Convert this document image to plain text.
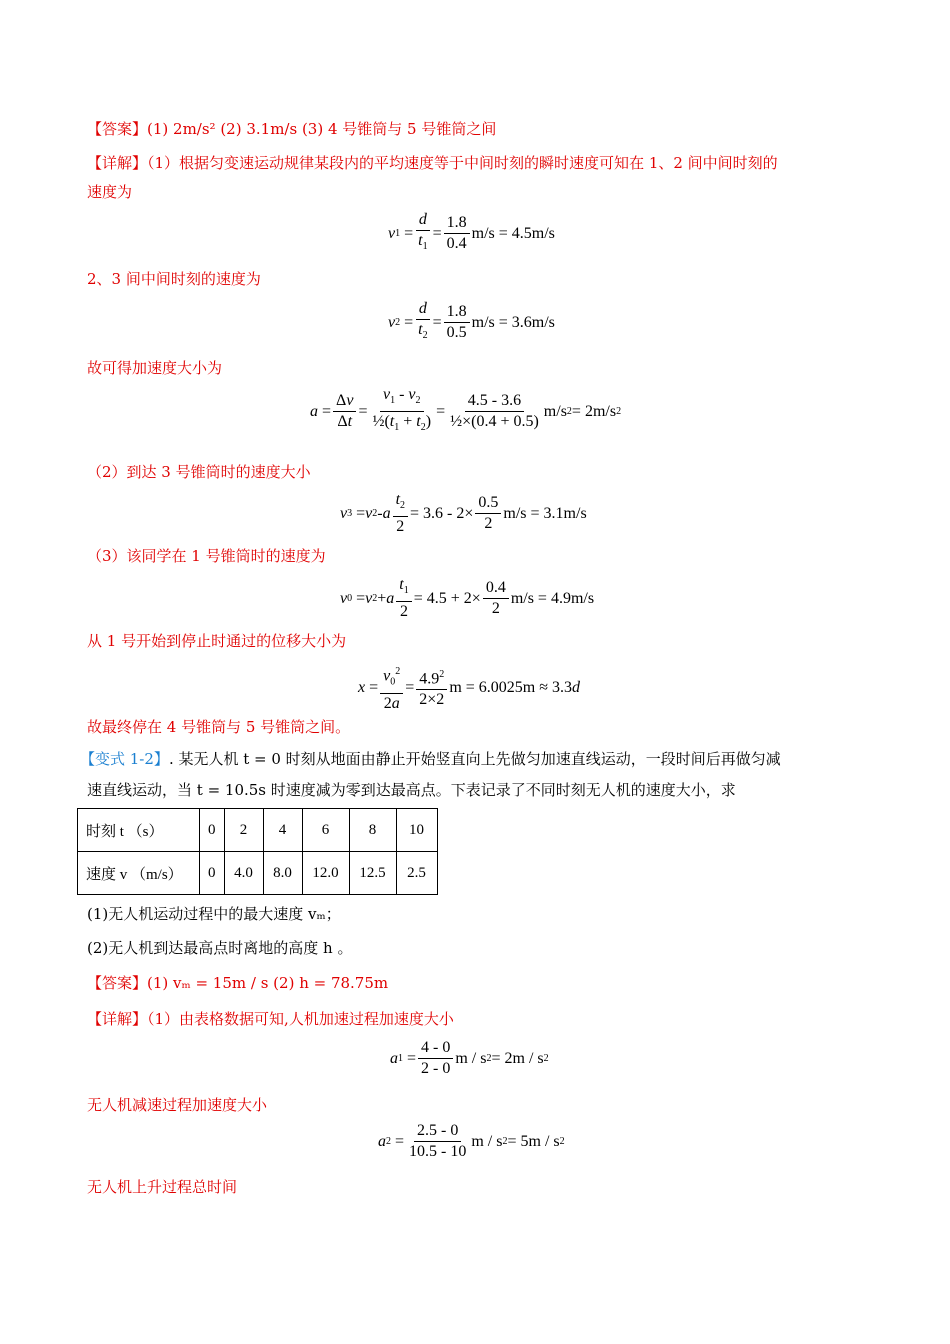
【答案】(1) 2m/s² (2) 3.1m/s (3) 4 号锥筒与 5 号锥筒之间
【详解】（1）根据匀变速运动规律某段内的平均速度等于中间时刻的瞬时速度可知在 1、2 间中间时刻的
速度为
v $1 = \frac{d}{t_1} = \frac{1.8}{0.4} m/s = 4.5m/s$
2、3 间中间时刻的速度为
v $2 = \frac{d}{t_2} = \frac{1.8}{0.5} m/s = 3.6m/s$
故可得加速度大小为
$a = \frac{\Delta v}{\Delta t} = \frac{v_1 - v_2}{\frac{1}{2}(t_1 + t_2)} = \frac{4.5 - 3.6}{\text{½×(0.4 + 0.5)}} m/s$ 2 = 2m/s 2
（2）到达 3 号锥筒时的速度大小
v 3 = v 2 - a $\frac{t_2}{2} = 3.6 - 2\times \frac{0.5}{2} m/s = 3.1m/s$
（3）该同学在 1 号锥筒时的速度为
v 0 = v 2 + a $\frac{t_1}{2} = 4.5 + 2\times \frac{0.4}{2} m/s = 4.9m/s$
从 1 号开始到停止时通过的位移大小为
$x = \frac{v_0^2}{2a} = \frac{4.9^2}{2\times 2}$ m = 6.0025m ≈ 3.3 d
故最终停在 4 号锥筒与 5 号锥筒之间。
【变式 1-2】. 某无人机 t = 0 时刻从地面由静止开始竖直向上先做匀加速直线运动，一段时间后再做匀减
速直线运动，当 t = 10.5s 时速度减为零到达最高点。下表记录了不同时刻无人机的速度大小，求
时刻 t （s）	0	2	4	6	8	10
速度 v （m/s）	0	4.0	8.0	12.0	12.5	2.5
(1)无人机运动过程中的最大速度 vₘ；
(2)无人机到达最高点时离地的高度 h 。
【答案】(1) vₘ = 15m / s (2) h = 78.75m
【详解】（1）由表格数据可知,人机加速过程加速度大小
a $1 = \frac{4 - 0}{2 - 0}$ m / s 2 = 2m / s 2
无人机减速过程加速度大小
a $2 = \frac{2.5 - 0}{10.5 - 10}$ m / s 2 = 5m / s 2
无人机上升过程总时间
